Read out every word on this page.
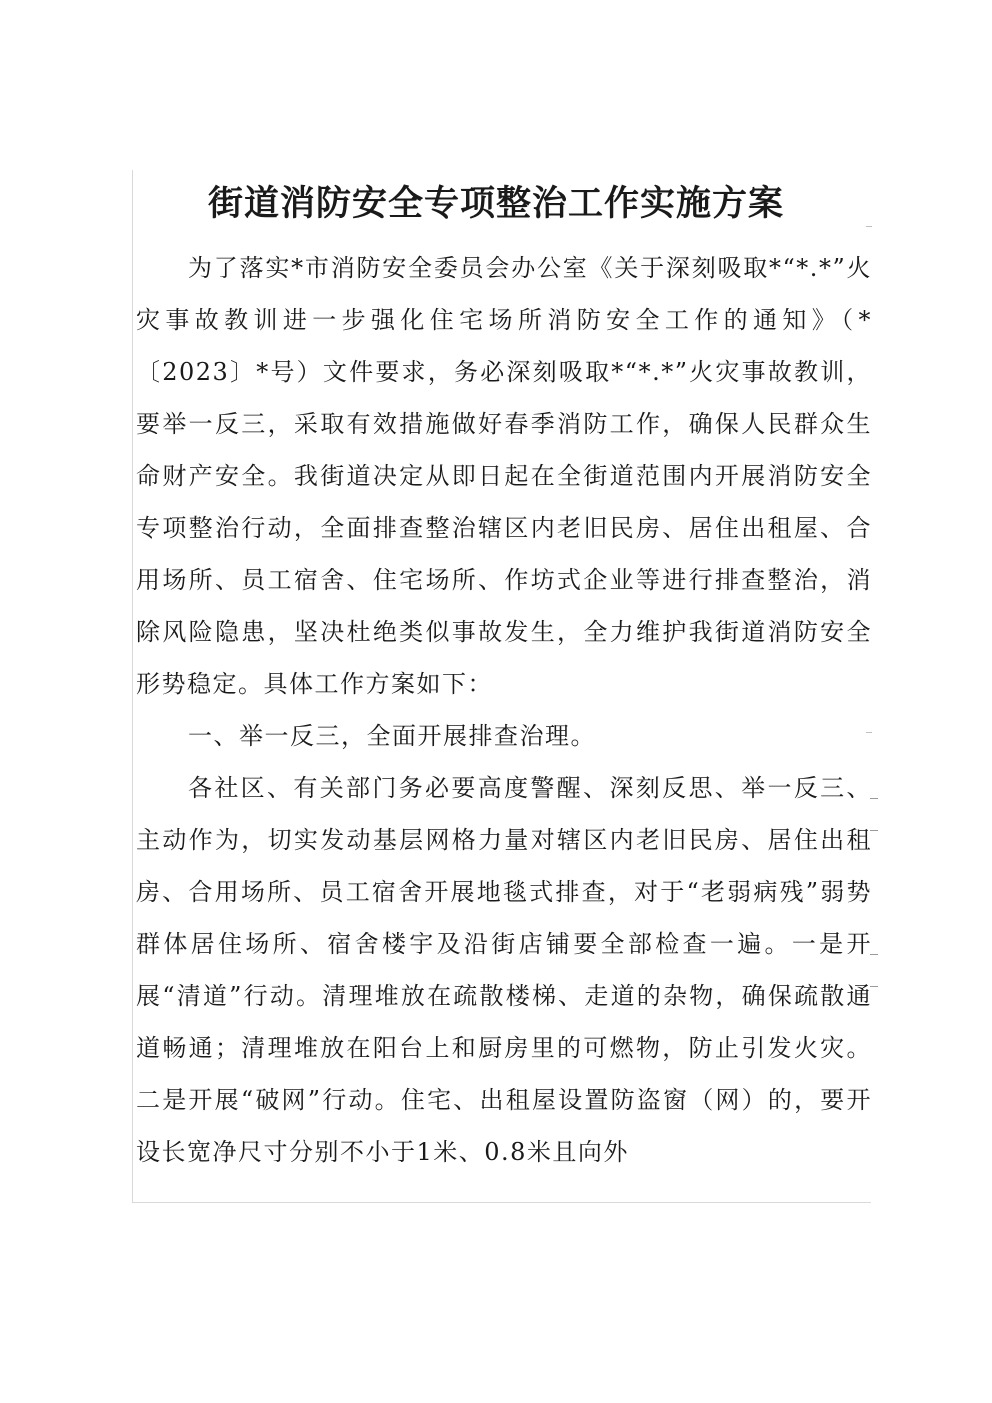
街道消防安全专项整治工作实施方案

为了落实*市消防安全委员会办公室《关于深刻吸取*“*.*”火灾事故教训进一步强化住宅场所消防安全工作的通知》（*〔2023〕*号）文件要求，务必深刻吸取*“*.*”火灾事故教训，要举一反三，采取有效措施做好春季消防工作，确保人民群众生命财产安全。我街道决定从即日起在全街道范围内开展消防安全专项整治行动，全面排查整治辖区内老旧民房、居住出租屋、合用场所、员工宿舍、住宅场所、作坊式企业等进行排查整治，消除风险隐患，坚决杜绝类似事故发生，全力维护我街道消防安全形势稳定。具体工作方案如下：

一、举一反三，全面开展排查治理。

各社区、有关部门务必要高度警醒、深刻反思、举一反三、主动作为，切实发动基层网格力量对辖区内老旧民房、居住出租房、合用场所、员工宿舍开展地毯式排查，对于“老弱病残”弱势群体居住场所、宿舍楼宇及沿街店铺要全部检查一遍。一是开展“清道”行动。清理堆放在疏散楼梯、走道的杂物，确保疏散通道畅通；清理堆放在阳台上和厨房里的可燃物，防止引发火灾。二是开展“破网”行动。住宅、出租屋设置防盗窗（网）的，要开设长宽净尺寸分别不小于1米、0.8米且向外
